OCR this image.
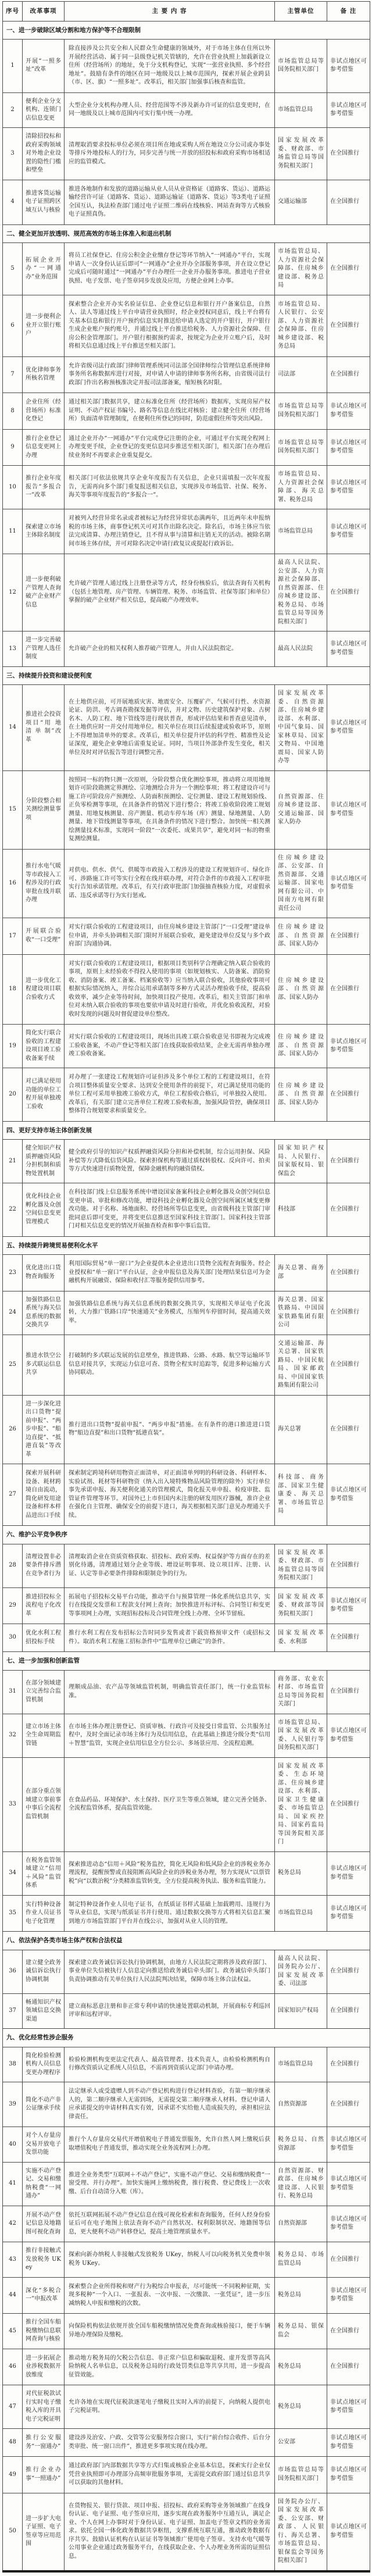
序号	改革事项	主 要 内 容	主管单位	备 注
一、进一步破除区域分割和地方保护等不合理限制				
1	开展“一照多址”改革	除直接涉及公共安全和人民群众生命健康的领域外，对于市场主体在住所以外开展经营活动、属于同一县级登记机关管辖的，允许在营业执照上加载新设立住所（经营场所）的地址，免于分支机构登记，实现“一张营业执照、多个经营地址”。鼓励有条件的地区在同一地级及以上城市范围内，探索开展企业跨县（市、区、旗）“一照多址”。改革后，相关部门加强事后核查和监管。	市场监管总局等国务院相关部门	非试点地区可参考借鉴
2	便利企业分支机构、连锁门店信息变更	大型企业分支机构办理人员、经营范围等不涉及新办许可证的信息变更时，在同一地级及以上城市范围内可实行集中统一办理。	市场监管总局	非试点地区可参考借鉴
3	清除招投标和政府采购领域对外地企业设置的隐性门槛和壁垒	清理取消要求投标单位必须在项目所在地或采购人所在地设立分公司或办事处等排斥外地投标人的行为，同步完善与统一开放的招投标和政府采购市场相适应的监管模式。	国家发展改革委、财政部、市场监管总局等国务院相关部门	在全国推行
4	推进客货运输电子证照跨区域互认与核验	推进各地制作和发放的道路运输从业人员从业资格证（道路客、货运）、道路运输经营许可证（道路客、货运）、道路运输证（道路客、货运）等3类电子证照全国互认，执法检查部门通过电子证照二维码在线核验、网站查询等方式核验电子证照真伪。	交通运输部	在全国推行
二、健全更加开放透明、规范高效的市场主体准入和退出机制				
5	拓展企业开办“一网通办”业务范围	将员工社保登记、住房公积金企业缴存登记等环节纳入“一网通办”平台，实现申请人一次身份认证后即可“一网通办”企业开办全部服务事项，并在设立登记完成后可随时通过“一网通办”平台办理任一企业开办服务事项。推进电子营业执照、电子发票、电子签章同步发放及应用，方便企业网上办事。	市场监管总局、人力资源社会保障部、住房城乡建设部、税务总局	在全国推行
6	进一步便利企业开立银行账户	探索整合企业开办实名验证信息、企业登记信息和银行开户备案信息，自然人、法人等通过线上平台申请营业执照时，经企业授权同意后，线上平台将有关基本信息和银行开户预约信息实时推送给申请人选定的开户银行，开户银行生成企业账户预约账号，并通过线上平台推送给税务、人力资源社会保障、住房公积金管理部门。开户银行根据预约需求，按规定为企业开立账户后，及时将相关信息通过线上平台推送至相关部门。	市场监管总局、人民银行、公安部、人力资源社会保障部、住房城乡建设部、税务总局	在全国推行
7	优化律师事务所核名管理	允许省级司法行政部门律师管理系统同司法部全国律师综合管理信息系统律师事务所名称数据库进行对接，对申请人申请的律师事务所名称，由省级司法行政部门作出名称预核准决定并报司法部备案，缩短核名时限。	司法部	在全国推行
8	企业住所（经营场所）标准化登记	通过相关部门数据共享，建立标准化住所（经营场所）数据库，实现房屋产权证明、不动产权证书编号、路名等信息在线比对核验；建立健全住所（经营场所）负面清单管理制度，在便利住所登记的同时，防范虚假住所等突出风险。	市场监管总局等国务院相关部门	非试点地区可参考借鉴
9	推行企业登记信息变更网上办理	通过企业开办“一网通办”平台完成登记注册的企业，可通过平台实现全程网上办理变更手续，企业登记的变更信息同步推送至相关部门，相关部门在办理后续业务时不再要求企业重复提交。	市场监管总局等国务院相关部门	非试点地区可参考借鉴
10	推行企业年度报告“多报合一”改革	相关部门可依法依规共享企业年度报告有关信息，企业只需填报一次年度报告，无需再向多个部门重复报送相关信息，实现涉及市场监管、社保、税务、海关等事项年度报告的“多报合一”。	市场监管总局、人力资源社会保障部、海关总署、税务总局	非试点地区可参考借鉴
11	探索建立市场主体除名制度	对被列入经营异常名录或者被标记为经营异常状态满两年，且近两年未申报纳税的市场主体，商事登记机关可对其作出除名决定。除名后，市场主体应当依法完成清算、办理注销登记，且不得从事与清算和注销无关的活动。被除名期间市场主体存续，并可对除名决定申请行政复议或提起行政诉讼。	市场监管总局	非试点地区可参考借鉴
12	进一步便利破产管理人查询破产企业财产信息	允许破产管理人通过线上注册登录等方式，经身份核验后，依法查询有关机构（包括土地管理、房产管理、车辆管理、税务、市场监管、社保等部门和单位）掌握的破产企业财产相关信息，提高破产办理效率。	最高人民法院、公安部、人力资源社会保障部、自然资源部、住房城乡建设部、税务总局、市场监管总局等国务院相关部门	在全国推行
13	进一步完善破产管理人选任制度	允许破产企业的相关权利人推荐破产管理人，并由人民法院指定。	最高人民法院	非试点地区可参考借鉴
三、持续提升投资和建设便利度				
14	推进社会投资项目“用 地 清 单 制”改革	在土地供应前，可开展地质灾害、地震安全、压覆矿产、气候可行性、水资源论证、防洪、考古调查勘探发掘等评估，并对文物、历史建筑保护对象、古树名木、人防工程、地下管线等进行现状普查，形成评估结果和普查意见清单，在土地供应时一并交付用地单位。相关单位在项目后续报建或验收环节，原则上不得增加清单外的要求。改革后，相关单位提升评估的科学性、精准性及论证深度，避免企业拿地后需重复论证。同时，当项目外部条件发生变化，相关单位及时对评估报告等进行调整完善。	国家发展改革委、自然资源部、住房城乡建设部、水利部、中国气象局、国家林草局、国家文物局、中国地震局、国家人防办等	非试点地区可参考借鉴
15	分阶段整合相关测绘测量事项	按照同一标的物只测一次原则，分阶段整合优化测绘事项，推动将立项用地规划许可阶段勘测定界测绘、宗地测绘合并为一个测绘事项；将工程建设许可与施工许可阶段房产预测绘、人防面积预测绘、定位测量、建设工程规划验线、正负零检测等事项，在具备条件的情况下进行整合；将竣工验收阶段竣工规划测量、用地复核测量、房产测量、机动车停车场（库）测量、绿地测量、人防测量、地下管线测量等事项，在具备条件的情况下进行整合。加快统一相关测绘测量技术标准，实现同一阶段“一次委托、成果共享”，避免对同一标的物重复测绘测量。	自然资源部、住房城乡建设部、交通运输部、国家人防办	非试点地区可参考借鉴
16	推行水电气暖等市政接入工程涉及的行政审批在线并联办理	对供电、供水、供气、供暖等市政接入工程涉及的建设工程规划许可、绿化许可、涉路施工许可等实行全程在线并联办理，对符合条件的市政接入工程审批实行告知承诺管理。改革后，有关行政审批部门加强抽查核验力度，对虚假承诺、违反承诺等行为实行惩戒。	住房城乡建设部、公安部、自然资源部、交通运输部、国家电网有限公司、中国南方电网有限责任公司	非试点地区可参考借鉴
17	开展联合验收“一口受理”	对实行联合验收的工程建设项目，由住房城乡建设主管部门“一口受理”建设单位申请，并牵头协调相关部门限时开展联合验收，避免建设单位反复与多个政府部门沟通协调。	住房城乡建设部、自然资源部、国家人防办	在全国推行
18	进一步优化工程建设项目联合验收方式	对实行联合验收的工程建设项目，根据项目类别科学合理确定纳入联合验收的事项，原则上未经验收不得投入使用的事项（如规划核实、人防备案、消防验收、消防备案、竣工备案、档案验收等）应当纳入联合验收，其他验收事项可根据实际情况纳入，并综合运用承诺制等多种方式灵活办理验收手续，提高验收效率，减少企业等待时间，加快项目投产使用。改革后，相关主管部门和单位对未纳入联合验收的事项也要依申请及时进行验收，并优化验收流程，对验收时发现的问题及时督促建设单位整改。	住房城乡建设部、自然资源部、国家人防办	在全国推行
19	简化实行联合验收的工程建设项目竣工验收备案手续	对实行联合验收的工程建设项目，现场出具竣工联合验收意见书即视为完成竣工验收备案，不动产登记等相关部门在线获取验收结果，企业无需再单独办理竣工验收备案。	住房城乡建设部、自然资源部、国家人防办	非试点地区可参考借鉴
20	对已满足使用功能的单位工程开展单独竣工验收	对办理了一张建设工程规划许可证但涉及多个单位工程的工程建设项目，在符合项目整体质量安全要求、达到安全使用条件的前提下，对已满足使用功能的单位工程可采用单独竣工验收方式，单位工程验收合格后，可单独投入使用。改革后，有关部门建立完善单位工程竣工验收标准，加强风险管控，确保项目整体符合规划要求和质量安全。	住房城乡建设部、自然资源部、国家人防办	在全国推行
四、更好支持市场主体创新发展				
21	健全知识产权质押融资风险分担机制和质物处置机制	健全政府引导的知识产权质押融资风险分担和补偿机制，综合运用担保、风险补偿等方式降低信贷风险。探索担保机构等通过质权转股权、反向许可、拍卖等方式快速进行质物处置，保障金融机构的融资债权。	国家知识产权局、人民银行、国家版权局、银保监会	在全国推行
22	优化科技企业孵化器及众创空间信息变更管理模式	在科技部门线上信息服务系统中增设国家备案科技企业孵化器及众创空间信息变更申请、审批和修改功能，增设科技企业孵化器及众创空间所属区域变更修改功能。对于名称、场地面积、经营场所等信息变更，由省级科技主管部门审批同意后即可变更，并将变更信息推送至国家科技主管部门。国家科技主管部门对相关信息变更的情况开展抽查检查和事中事后监管。	科技部	在全国推行
五、持续提升跨境贸易便利化水平				
23	优化进出口货物查询服务	利用国际贸易“单一窗口”为企业提供本企业进出口货物全流程查询服务。经企业授权和“单一窗口”平台认证，企业申报信息及海关部门处理结果信息可为金融机构开展融资、保险和收付汇等服务提供信用参考。	海关总署、商务部	在全国推行
24	加强铁路信息系统与海关信息系统的数据交换共享	加强铁路信息系统与海关信息系统的数据交换共享，实现相关单证电子化流转，大力推广铁路口岸“快速通关”业务模式，压缩列车停留时间，提高通关效率。	海关总署、国家铁路局、中国国家铁路集团有限公司	在全国推行
25	推进水铁空公多式联运信息共享	打破制约多式联运发展的信息壁垒，推进铁路、公路、水路、航空等运输环节信息对接共享，实现运力信息可查、货物全程实时追踪等，促进多种运输方式协同联动。	交通运输部、海关总署、国家铁路局、中国民航局、国家邮政局、中国国家铁路集团有限公司	在全国推行
26	进一步深化进出口货物“提前申报”、“两步申报”、“船边直提”、“抵港直装”等改革	推行进出口货物“提前申报”、“两步申报”措施。在有条件的港口推进进口货物“船边直提”和出口货物“抵港直装”。	海关总署	在全国推行
27	探索开展科研设备、耗材跨境自由流动，简化研发用途设备和样本样品进出口手续	探索制定跨境科研用物资正面清单，对正面清单列明的科研设备、科研样本、实验试剂、耗材等科研物资（纳入出入境特殊物品风险管理的除外）实行单位事先承诺申报、海关便利化通关的管理模式，简化报关单申报、检疫审批、监管证件管理等环节。对国外已上市但国内未注册的研发用医疗器械，准许企业在强化自主管理、确保安全的前提下进口，海关根据相关部门意见办理通关手续。	科技部、商务部、国家卫生健康委、海关总署、市场监管总局	非试点地区可参考借鉴
六、维护公平竞争秩序				
28	清理设置非必要条件排斥潜在竞争者行为	清理取消企业在资质资格获取、招投标、政府采购、权益保护等方面存在的差别化待遇，清理通过划分企业等级、增设证明事项、设立项目库、注册、认证、认定等非必要条件排除和限制竞争的行为。	国家发展改革委、财政部、市场监管总局等国务院相关部门	在全国推行
29	推进招投标全流程电子化改革	拓展电子招投标交易平台功能，推动平台与预算管理一体化系统信息共享，实行在线提交发票和工程款支付网上查询；加快推进开标评标、合同签订和变更等事项网上办理，实现招标投标及合同管理全线上办理、全环节留痕。	国家发展改革委、财政部等国务院相关部门	非试点地区可参考借鉴
30	优化水利工程招投标手续	推行水利工程在发布招标公告时同步发售或者下载资格预审文件（或招标文件）。取消水利工程施工招标条件中“监理单位已确定”的条件。	国家发展改革委、水利部	在全国推行
七、进一步加强和创新监管				
31	在部分领域建立完善综合监管机制	理顺成品油、农产品等领域监管机制，明确监管责任部门，统一行业监管标准。	商务部、农业农村部、市场监管总局等国务院相关部门	在全国推行
32	建立市场主体全生命周期监管链	在市场主体办理注册登记、资质审核、行政许可及接受日常监管、公共服务过程中，及时全面记录市场主体行为及信用信息，在此基础上推进分级分类“信用＋智慧”监管，实现企业信用信息全方位公示、多场景应用、全流程追溯。	市场监管总局、国家发展改革委、人民银行等国务院相关部门	非试点地区可参考借鉴
33	在部分重点领域建立事前事中事后全流程监管机制	在食品药品、环境保护、水土保持、医疗卫生等重点领域，建立完善全链条、全流程监管体系，提高监管效能。	国家发展改革委、生态环境部、住房城乡建设部、水利部、国家卫生健康委、市场监管总局、国家疾控局、国家药监局等国务院相关部门	在全国推行
34	在税务监管领域建立“信用＋风险”监管体系	探索推进动态“信用＋风险”税务监控，简化无风险和低风险企业的涉税业务办理流程，提醒预警或直接阻断高风险企业的涉税业务办理，努力实现从“以票管税”向“以数治税”分类精准监管转变，全方位提高税务执法、服务和监管能力。	税务总局	非试点地区可参考借鉴
35	实行特种设备作业人员证书电子化管理	制定特种设备作业人员电子证书，在纸质证书样式基础上加载聘用、违规行为等从业信息，实现与纸质证书并行使用。通过数据交换等方式将相关信息汇聚到地方市场监管部门平台并在线公示，加强对从业人员的管理。	市场监管总局	非试点地区可参考借鉴
八、依法保护各类市场主体产权和合法权益				
36	建立健全政务诚信诉讼执行协调机制	探索建立政务诚信诉讼执行协调机制，由地方人民法院定期将涉及政府部门、事业单位失信被执行人信息定向推送给政务诚信牵头部门。政务诚信牵头部门负责协调推动有关单位执行人民法院判决结果，保障市场主体合法权益。	最高人民法院、国务院办公厅、国家发展改革委、司法部	在全国推行
37	畅通知识产权领域信息交换渠道	建立商标恶意注册和非正常专利申请的快速处置联动机制，开展商标专利巡回评审和远程评审。	国家知识产权局	在全国推行
九、优化经常性涉企服务				
38	简化检验检测机构人员信息变更办理程序	检验检测机构变更法定代表人、最高管理者、技术负责人，由检验检测机构自行修改资质认定系统人员信息，不需再到资质认定部门申请办理。	市场监管总局	在全国推行
39	简化不动产非公证继承手续	法定继承人或受遗赠人到不动产登记机构进行登记材料查验，有第一顺序继承人的，第二顺序继承人无需到场，无需提交第二顺序继承人材料。登记申请人应承诺提交的申请材料真实有效，因承诺不实给他人造成损失的，承担相应法律责任。	自然资源部	在全国推行
40	对个人存量房交易开放电子发票功能	推行个人存量房交易代开增值税电子普通发票服务，允许自然人网上缴税后获取增值税电子普通发票，推动实现全业务流程网上办理。	税务总局、自然资源部	非试点地区可参考借鉴
41	实施不动产登记、交易和缴纳税费“一网通办”	推进全业务类型“互联网＋不动产登记”，实施不动产登记、交易和缴纳税费“一窗受理、并行办理”。加快实施网上缴纳税费，推行税费、登记费线上一次收缴、后台自动清分入账（库）。	自然资源部、财政部、住房城乡建设部、人民银行、税务总局	非试点地区可参考借鉴
42	开展不动产登记信息及地籍图可视化查询	依托互联网拓展不动产登记信息在线可视化检索和查询服务，任何人经身份验证后可在电子地图上依法查询不动产自然状况、权利限制状况、地籍图等信息，更大便利不动产转移登记，提高土地管理质量水平。	自然资源部	非试点地区可参考借鉴
43	推行非接触式发放税务 UKey	探索向新办纳税人非接触式发放税务 UKey，纳税人可以向税务机关免费申领税务 UKey。	税务总局、市场监管总局	在全国推行
44	深化“多税合一”申报改革	探索整合企业所得税和财产行为税综合申报表，尽可能统一不同税种征期，实现多税种“一个入口、一张报表、一次申报、一次缴款、一张凭证”，进一步压减纳税人申报和缴税的次数。	税务总局	非试点地区可参考借鉴
45	推行全国车船税缴纳信息联网查询与核验	向保险机构依法依规开放全国车船税缴纳情况免费查询或核验接口，便于车辆异地办理保险及缴税。	税务总局、银保监会	在全国推行
46	进一步拓展企业涉税数据开放维度	推动地方税务局的欠税公告信息、非正常户信息和骗取退税、虚开发票等高风险纳税人名单信息，以及税务总局的行政处罚类信息等共享共用，进一步提高征管效能。	税务总局	在全国推行
47	对代征税款试行实时电子缴税入库的开具电子完税证明	允许各地在实现代征税款逐笔电子缴税且实时入库的前提下，向纳税人提供电子完税证明。	税务总局	非试点地区可参考借鉴
48	推行公安服务“一窗通办”	建设涉及治安、户政、交管等公安服务综合窗口，实行“前台综合收件、后台分类审批、统一窗口出件”，推进更多事项实现在线办理。	公安部	非试点地区可参考借鉴
49	推行企业办事“一照通办”	通过政府部门内部数据共享等方式归集或核验企业基本信息，探索实行企业仅凭营业执照即可办理部分高频审批服务事项，无需提交政府部门通过信息共享可以获取的其他材料。	市场监管总局等国务院相关部门	非试点地区可参考借鉴
50	进一步扩大电子证照、电子签章等应用范围	在货物报关、银行贷款、项目申报、招投标、政府采购等业务领域推广在线身份认证、电子证照、电子签章应用，逐步实现在政务服务中互通互认，满足企业、个人在网上办事时对于身份认证、电子证照、加盖电子签章文档的业务需求。依托全国一体化政务数据共享枢纽，支撑系统互联互通，推动政务数据有序共享。鼓励认证机构在认证证书等领域推广使用电子签章。支持水电气暖等公用事业企业通过政务服务平台，在线获取企业、个人办理业务所需的证照信息。	国务院办公厅、国家发展改革委、公安部、财政部、人民银行、海关总署、市场监管总局、银保监会等国务院相关部门	非试点地区可参考借鉴
